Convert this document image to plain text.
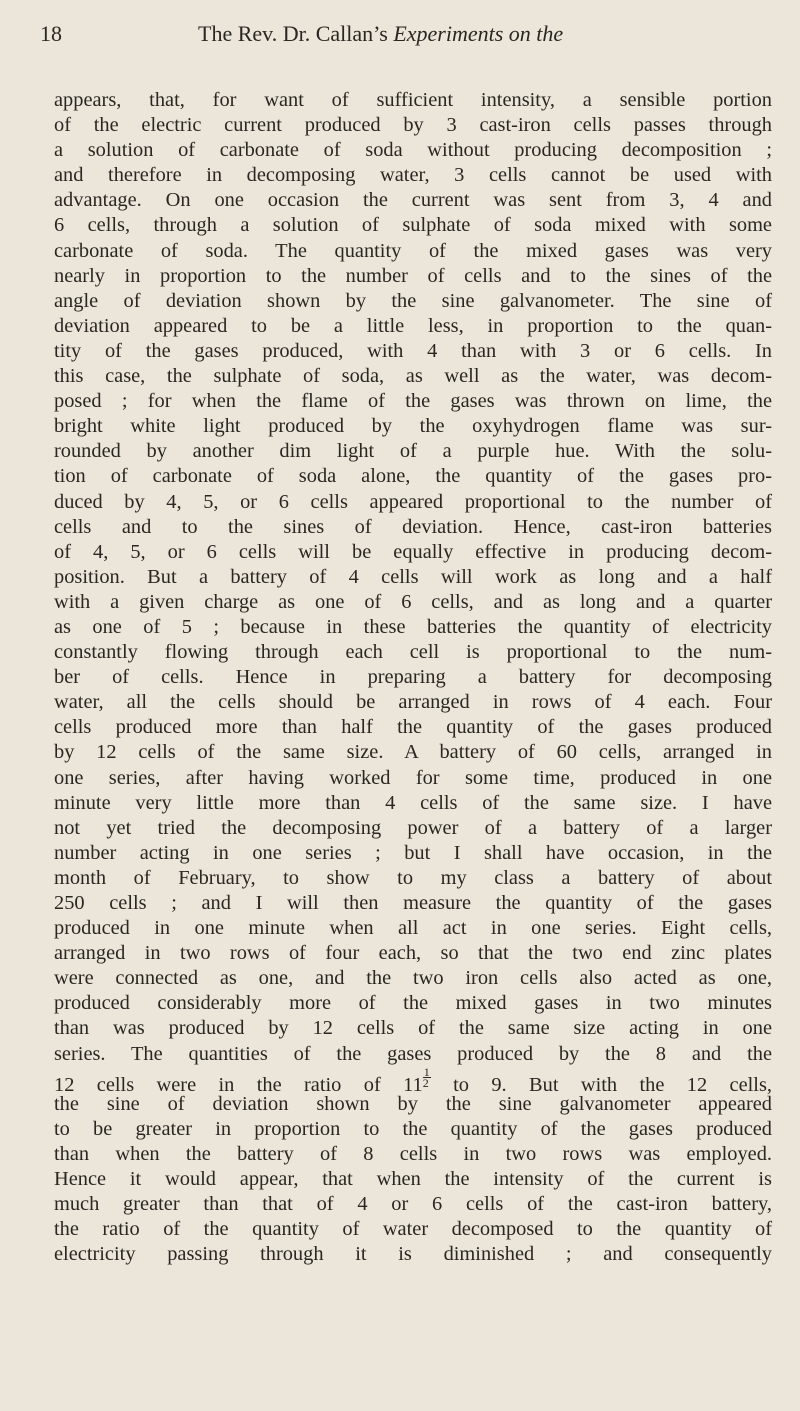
18	The Rev. Dr. Callan’s Experiments on the
appears, that, for want of sufficient intensity, a sensible portion
of the electric current produced by 3 cast-iron cells passes through
a solution of carbonate of soda without producing decomposition ;
and therefore in decomposing water, 3 cells cannot be used with
advantage. On one occasion the current was sent from 3, 4 and
6 cells, through a solution of sulphate of soda mixed with some
carbonate of soda. The quantity of the mixed gases was very
nearly in proportion to the number of cells and to the sines of the
angle of deviation shown by the sine galvanometer. The sine of
deviation appeared to be a little less, in proportion to the quan-
tity of the gases produced, with 4 than with 3 or 6 cells. In
this case, the sulphate of soda, as well as the water, was decom-
posed ; for when the flame of the gases was thrown on lime, the
bright white light produced by the oxyhydrogen flame was sur-
rounded by another dim light of a purple hue. With the solu-
tion of carbonate of soda alone, the quantity of the gases pro-
duced by 4, 5, or 6 cells appeared proportional to the number of
cells and to the sines of deviation. Hence, cast-iron batteries
of 4, 5, or 6 cells will be equally effective in producing decom-
position. But a battery of 4 cells will work as long and a half
with a given charge as one of 6 cells, and as long and a quarter
as one of 5 ; because in these batteries the quantity of electricity
constantly flowing through each cell is proportional to the num-
ber of cells. Hence in preparing a battery for decomposing
water, all the cells should be arranged in rows of 4 each. Four
cells produced more than half the quantity of the gases produced
by 12 cells of the same size. A battery of 60 cells, arranged in
one series, after having worked for some time, produced in one
minute very little more than 4 cells of the same size. I have
not yet tried the decomposing power of a battery of a larger
number acting in one series ; but I shall have occasion, in the
month of February, to show to my class a battery of about
250 cells ; and I will then measure the quantity of the gases
produced in one minute when all act in one series. Eight cells,
arranged in two rows of four each, so that the two end zinc plates
were connected as one, and the two iron cells also acted as one,
produced considerably more of the mixed gases in two minutes
than was produced by 12 cells of the same size acting in one
series. The quantities of the gases produced by the 8 and the
12 cells were in the ratio of $11 \frac{1}{2}$ to 9. But with the 12 cells,
the sine of deviation shown by the sine galvanometer appeared
to be greater in proportion to the quantity of the gases produced
than when the battery of 8 cells in two rows was employed.
Hence it would appear, that when the intensity of the current is
much greater than that of 4 or 6 cells of the cast-iron battery,
the ratio of the quantity of water decomposed to the quantity of
electricity passing through it is diminished ; and consequently
